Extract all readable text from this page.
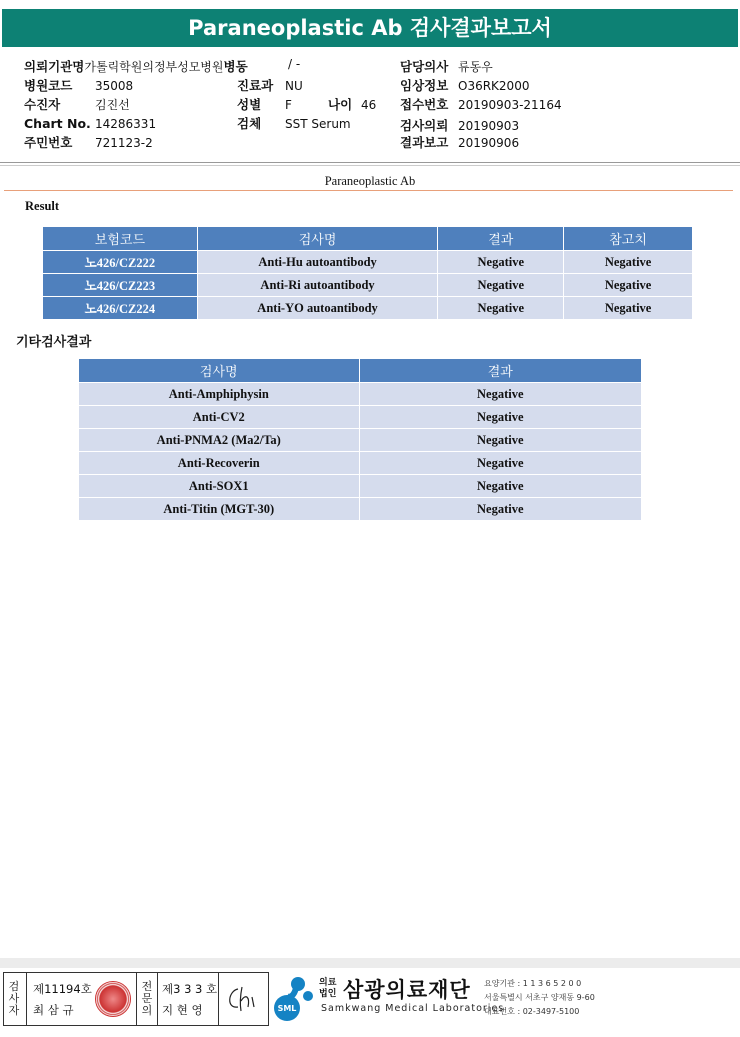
Paraneoplastic Ab 검사결과보고서
의뢰기관명가톨릭학원의정부성모병원병동	/ -	담당의사 류동우
병원코드 35008	진료과 NU	임상정보 O36RK2000
수진자	김진선	성별 F	나이 46 접수번호 20190903-21164
Chart No. 14286331	검체 SST Serum	검사의뢰 20190903
주민번호 721123-2	결과보고 20190906
Paraneoplastic Ab
Result
보험코드	검사명	결과	참고치
노426/CZ222	Anti-Hu autoantibody	Negative	Negative
노426/CZ223	Anti-Ri autoantibody	Negative	Negative
노426/CZ224	Anti-YO autoantibody	Negative	Negative
기타검사결과
검사명	결과
Anti-Amphiphysin	Negative
Anti-CV2	Negative
Anti-PNMA2 (Ma2/Ta)	Negative
Anti-Recoverin	Negative
Anti-SOX1	Negative
Anti-Titin (MGT-30)	Negative
검
사
자
제11194호
최 삼 규
전
문
의
제3 3 3 호
지 현 영	SML
의료
법인 삼광의료재단
Samkwang Medical Laboratories
요양기관 : 1 1 3 6 5 2 0 0
서울특별시 서초구 양재동 9-60
대표번호 : 02-3497-5100
